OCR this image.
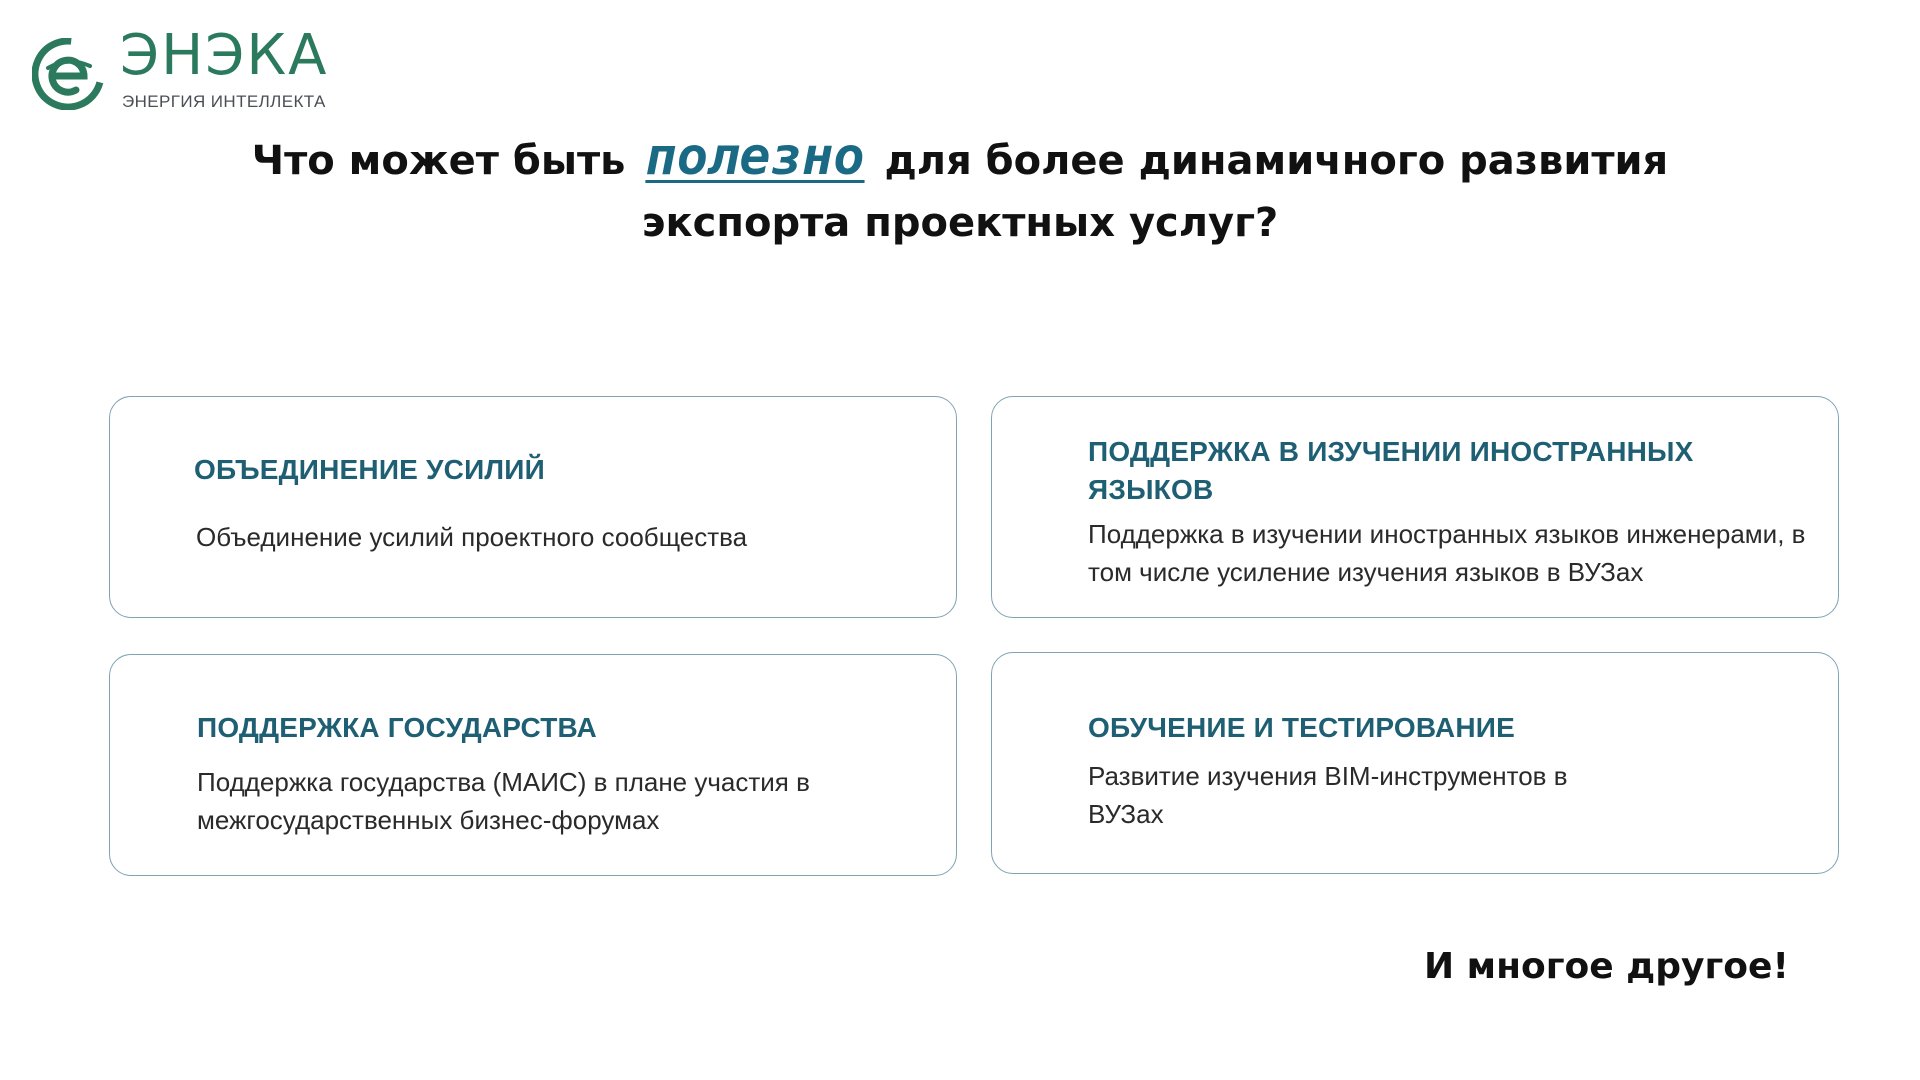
ЭНЭКА
ЭНЕРГИЯ ИНТЕЛЛЕКТА
Что может быть полезно для более динамичного развития
экспорта проектных услуг?
ОБЪЕДИНЕНИЕ УСИЛИЙ
Объединение усилий проектного сообщества
ПОДДЕРЖКА В ИЗУЧЕНИИ ИНОСТРАННЫХ ЯЗЫКОВ
Поддержка в изучении иностранных языков инженерами, в том числе усиление изучения языков в ВУЗах
ПОДДЕРЖКА ГОСУДАРСТВА
Поддержка государства (МАИС) в плане участия в межгосударственных бизнес-форумах
ОБУЧЕНИЕ И ТЕСТИРОВАНИЕ
Развитие изучения BIM-инструментов в ВУЗах
И многое другое!
